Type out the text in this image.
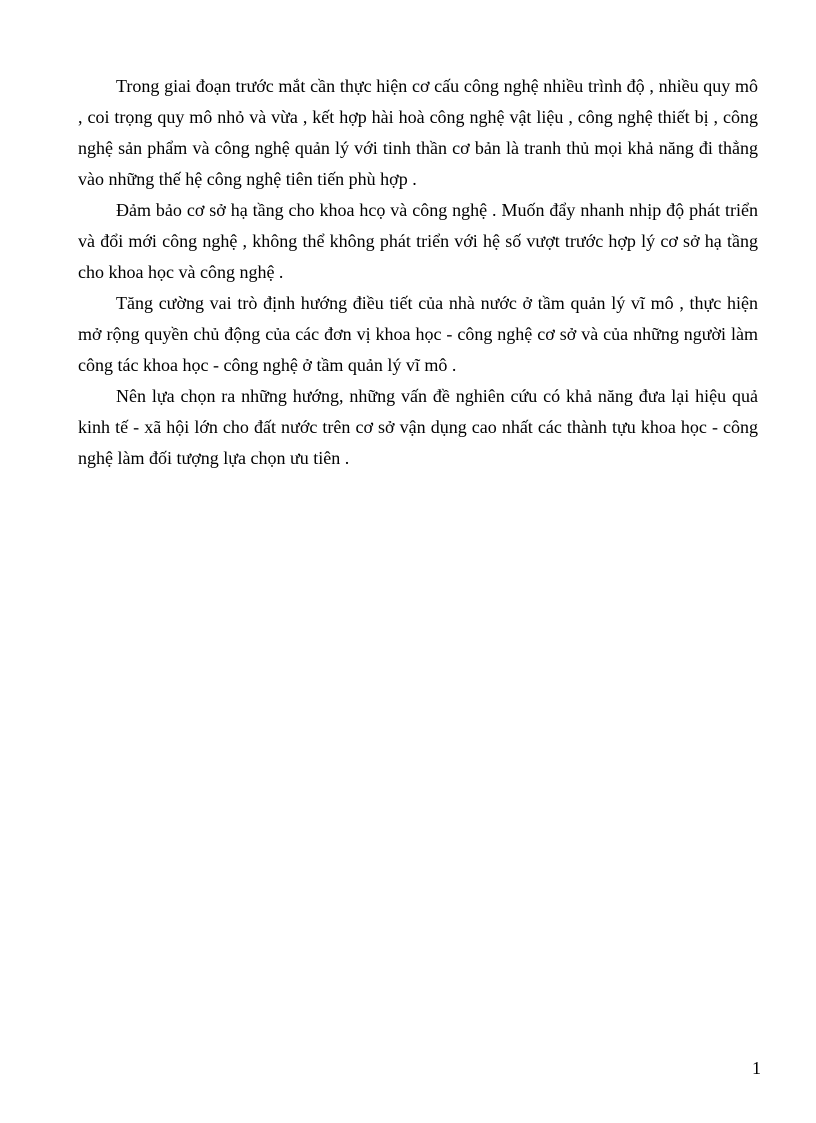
Trong giai đoạn trước mắt cần thực hiện cơ cấu công nghệ nhiều trình độ , nhiều quy mô , coi trọng quy mô nhỏ và vừa , kết hợp hài hoà công nghệ vật liệu , công nghệ thiết bị , công nghệ sản phẩm và công nghệ quản lý với tinh thần cơ bản là tranh thủ mọi khả năng đi thẳng vào những thế hệ công nghệ tiên tiến phù hợp .

Đảm bảo cơ sở hạ tầng cho khoa hcọ và công nghệ . Muốn đẩy nhanh nhịp độ phát triển và đổi mới công nghệ , không thể không phát triển với hệ số vượt trước hợp lý cơ sở hạ tầng cho khoa học và công nghệ .

Tăng cường vai trò định hướng điều tiết của nhà nước ở tầm quản lý vĩ mô , thực hiện mở rộng quyền chủ động của các đơn vị khoa học - công nghệ cơ sở và của những người làm công tác khoa học - công nghệ ở tầm quản lý vĩ mô .

Nên lựa chọn ra những hướng, những vấn đề nghiên cứu có khả năng đưa lại hiệu quả kinh tế - xã hội lớn cho đất nước trên cơ sở vận dụng cao nhất các thành tựu khoa học - công nghệ làm đối tượng lựa chọn ưu tiên .

1
